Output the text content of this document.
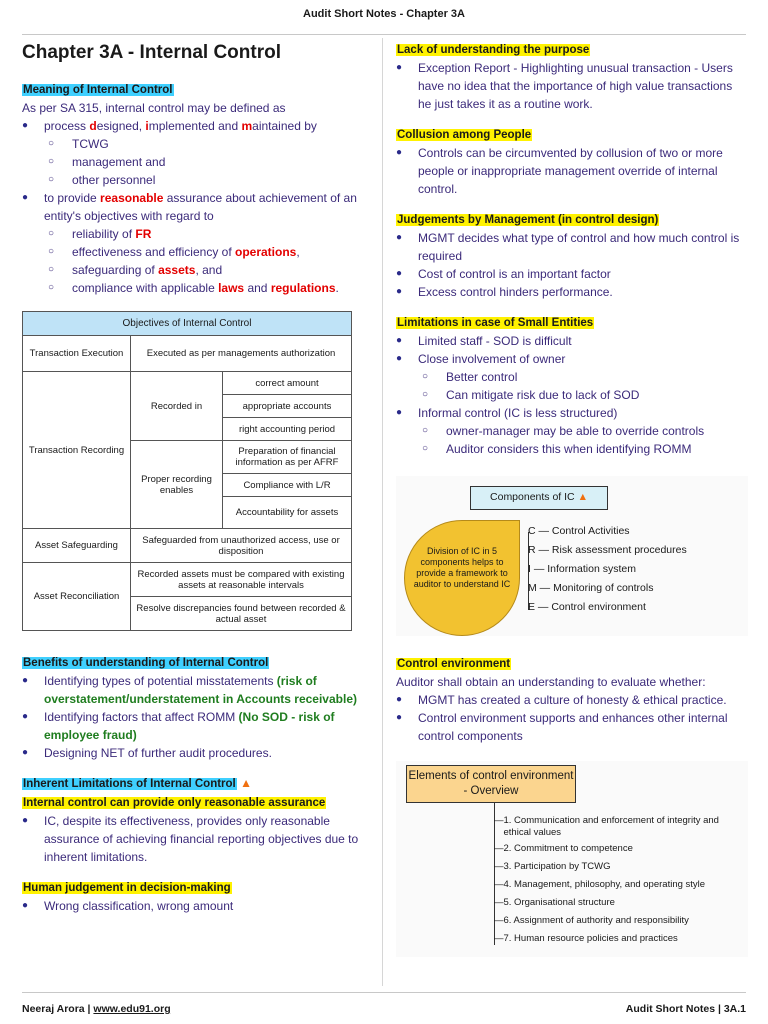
Audit Short Notes - Chapter 3A
Neeraj Arora | www.edu91.org	Audit Short Notes | 3A.1
Chapter 3A - Internal Control
Meaning of Internal Control
As per SA 315, internal control may be defined as
● process designed, implemented and maintained by
○ TCWG
○ management and
○ other personnel
● to provide reasonable assurance about achievement of an entity's objectives with regard to
○ reliability of FR
○ effectiveness and efficiency of operations,
○ safeguarding of assets, and
○ compliance with applicable laws and regulations.
Objectives of Internal Control		
Transaction Execution	Executed as per managements authorization	
Transaction Recording	Recorded in	correct amount
		appropriate accounts
		right accounting period
	Proper recording enables	Preparation of financial information as per AFRF
		Compliance with L/R
		Accountability for assets
Asset Safeguarding	Safeguarded from unauthorized access, use or disposition	
Asset Reconciliation	Recorded assets must be compared with existing assets at reasonable intervals	
	Resolve discrepancies found between recorded & actual asset	
Benefits of understanding of Internal Control
● Identifying types of potential misstatements (risk of overstatement/understatement in Accounts receivable)
● Identifying factors that affect ROMM (No SOD - risk of employee fraud)
● Designing NET of further audit procedures.
Inherent Limitations of Internal Control ▲
Internal control can provide only reasonable assurance
● IC, despite its effectiveness, provides only reasonable assurance of achieving financial reporting objectives due to inherent limitations.
Human judgement in decision-making
● Wrong classification, wrong amount
Lack of understanding the purpose
● Exception Report - Highlighting unusual transaction - Users have no idea that the importance of high value transactions he just takes it as a routine work.
Collusion among People
● Controls can be circumvented by collusion of two or more people or inappropriate management override of internal control.
Judgements by Management (in control design)
● MGMT decides what type of control and how much control is required
● Cost of control is an important factor
● Excess control hinders performance.
Limitations in case of Small Entities
● Limited staff - SOD is difficult
● Close involvement of owner
○ Better control
○ Can mitigate risk due to lack of SOD
● Informal control (IC is less structured)
○ owner-manager may be able to override controls
○ Auditor considers this when identifying ROMM
Components of IC ▲
Division of IC in 5 components helps to provide a framework to auditor to understand IC
C — Control Activities
R — Risk assessment procedures
I — Information system
M — Monitoring of controls
E — Control environment
Control environment
Auditor shall obtain an understanding to evaluate whether:
● MGMT has created a culture of honesty & ethical practice.
● Control environment supports and enhances other internal control components
Elements of control environment - Overview
—1. Communication and enforcement of integrity and ethical values
—2. Commitment to competence
—3. Participation by TCWG
—4. Management, philosophy, and operating style
—5. Organisational structure
—6. Assignment of authority and responsibility
—7. Human resource policies and practices
